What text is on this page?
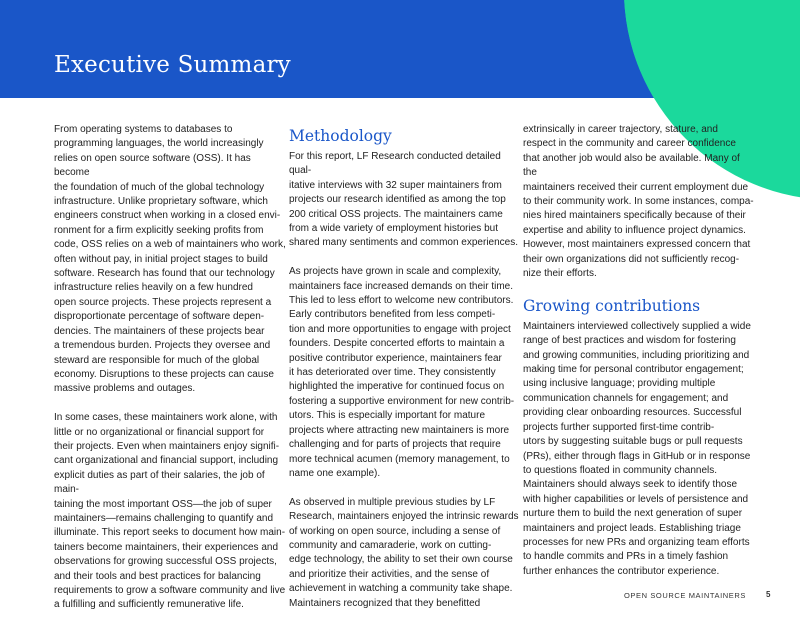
Executive Summary

From operating systems to databases to
programming languages, the world increasingly
relies on open source software (OSS). It has become
the foundation of much of the global technology
infrastructure. Unlike proprietary software, which
engineers construct when working in a closed envi-
ronment for a firm explicitly seeking profits from
code, OSS relies on a web of maintainers who work,
often without pay, in initial project stages to build
software. Research has found that our technology
infrastructure relies heavily on a few hundred
open source projects. These projects represent a
disproportionate percentage of software depen-
dencies. The maintainers of these projects bear
a tremendous burden. Projects they oversee and
steward are responsible for much of the global
economy. Disruptions to these projects can cause
massive problems and outages.

In some cases, these maintainers work alone, with
little or no organizational or financial support for
their projects. Even when maintainers enjoy signifi-
cant organizational and financial support, including
explicit duties as part of their salaries, the job of main-
taining the most important OSS—the job of super
maintainers—remains challenging to quantify and
illuminate. This report seeks to document how main-
tainers become maintainers, their experiences and
observations for growing successful OSS projects,
and their tools and best practices for balancing
requirements to grow a software community and live
a fulfilling and sufficiently remunerative life.

Methodology

For this report, LF Research conducted detailed qual-
itative interviews with 32 super maintainers from
projects our research identified as among the top
200 critical OSS projects. The maintainers came
from a wide variety of employment histories but
shared many sentiments and common experiences.

As projects have grown in scale and complexity,
maintainers face increased demands on their time.
This led to less effort to welcome new contributors.
Early contributors benefited from less competi-
tion and more opportunities to engage with project
founders. Despite concerted efforts to maintain a
positive contributor experience, maintainers fear
it has deteriorated over time. They consistently
highlighted the imperative for continued focus on
fostering a supportive environment for new contrib-
utors. This is especially important for mature
projects where attracting new maintainers is more
challenging and for parts of projects that require
more technical acumen (memory management, to
name one example).

As observed in multiple previous studies by LF
Research, maintainers enjoyed the intrinsic rewards
of working on open source, including a sense of
community and camaraderie, work on cutting-
edge technology, the ability to set their own course
and prioritize their activities, and the sense of
achievement in watching a community take shape.
Maintainers recognized that they benefitted

extrinsically in career trajectory, stature, and
respect in the community and career confidence
that another job would also be available. Many of the
maintainers received their current employment due
to their community work. In some instances, compa-
nies hired maintainers specifically because of their
expertise and ability to influence project dynamics.
However, most maintainers expressed concern that
their own organizations did not sufficiently recog-
nize their efforts.

Growing contributions

Maintainers interviewed collectively supplied a wide
range of best practices and wisdom for fostering
and growing communities, including prioritizing and
making time for personal contributor engagement;
using inclusive language; providing multiple
communication channels for engagement; and
providing clear onboarding resources. Successful
projects further supported first-time contrib-
utors by suggesting suitable bugs or pull requests
(PRs), either through flags in GitHub or in response
to questions floated in community channels.
Maintainers should always seek to identify those
with higher capabilities or levels of persistence and
nurture them to build the next generation of super
maintainers and project leads. Establishing triage
processes for new PRs and organizing team efforts
to handle commits and PRs in a timely fashion
further enhances the contributor experience.

OPEN SOURCE MAINTAINERS	5
